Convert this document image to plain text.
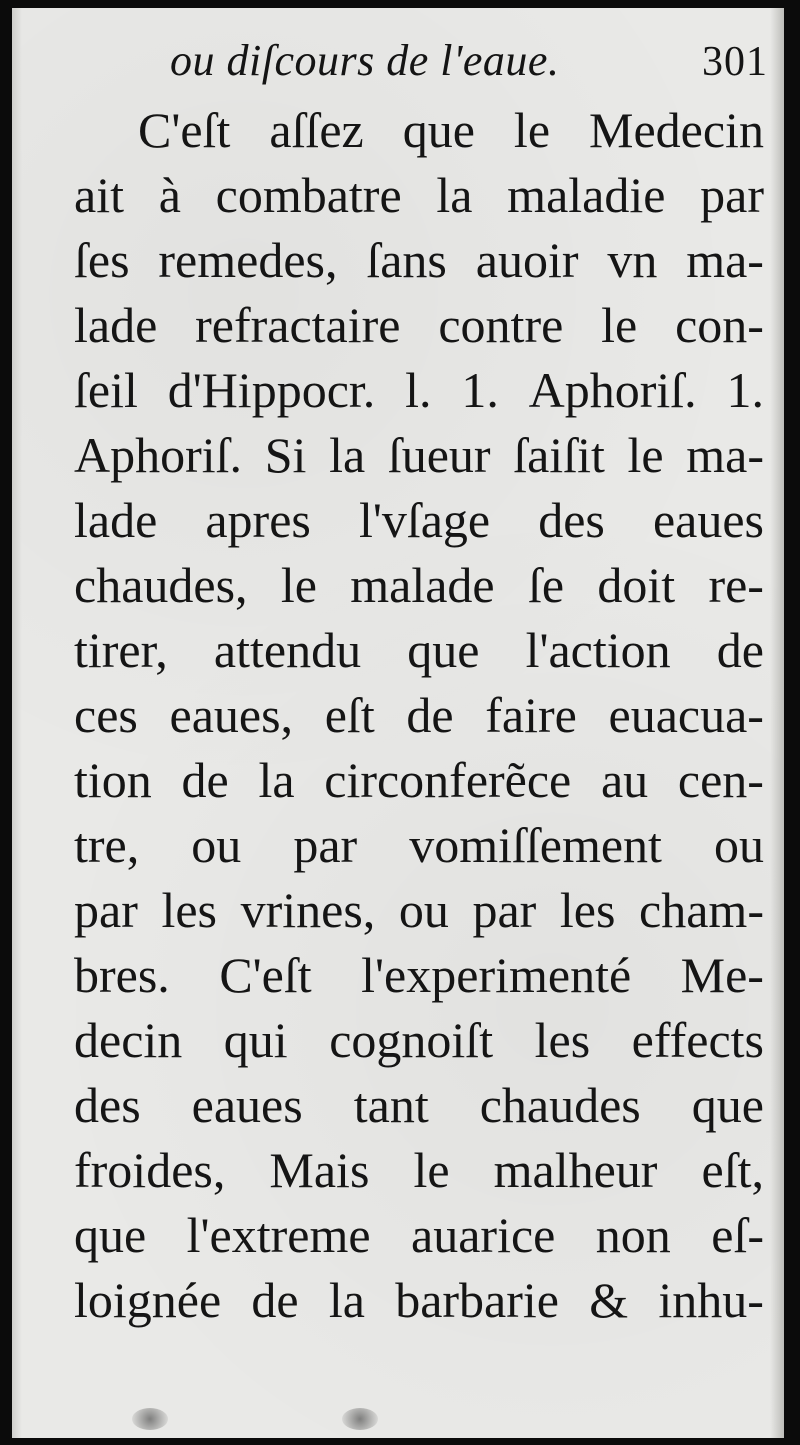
ou diſcours de l'eaue.	301
C'eſt aſſez que le Medecin
ait à combatre la maladie par
ſes remedes, ſans auoir vn ma-
lade refractaire contre le con-
ſeil d'Hippocr. l. 1. Aphoriſ. 1.
Aphoriſ. Si la ſueur ſaiſit le ma-
lade apres l'vſage des eaues
chaudes, le malade ſe doit re-
tirer, attendu que l'action de
ces eaues, eſt de faire euacua-
tion de la circonferẽce au cen-
tre, ou par vomiſſement ou
par les vrines, ou par les cham-
bres. C'eſt l'experimenté Me-
decin qui cognoiſt les effects
des eaues tant chaudes que
froides, Mais le malheur eſt,
que l'extreme auarice non eſ-
loignée de la barbarie & inhu-
